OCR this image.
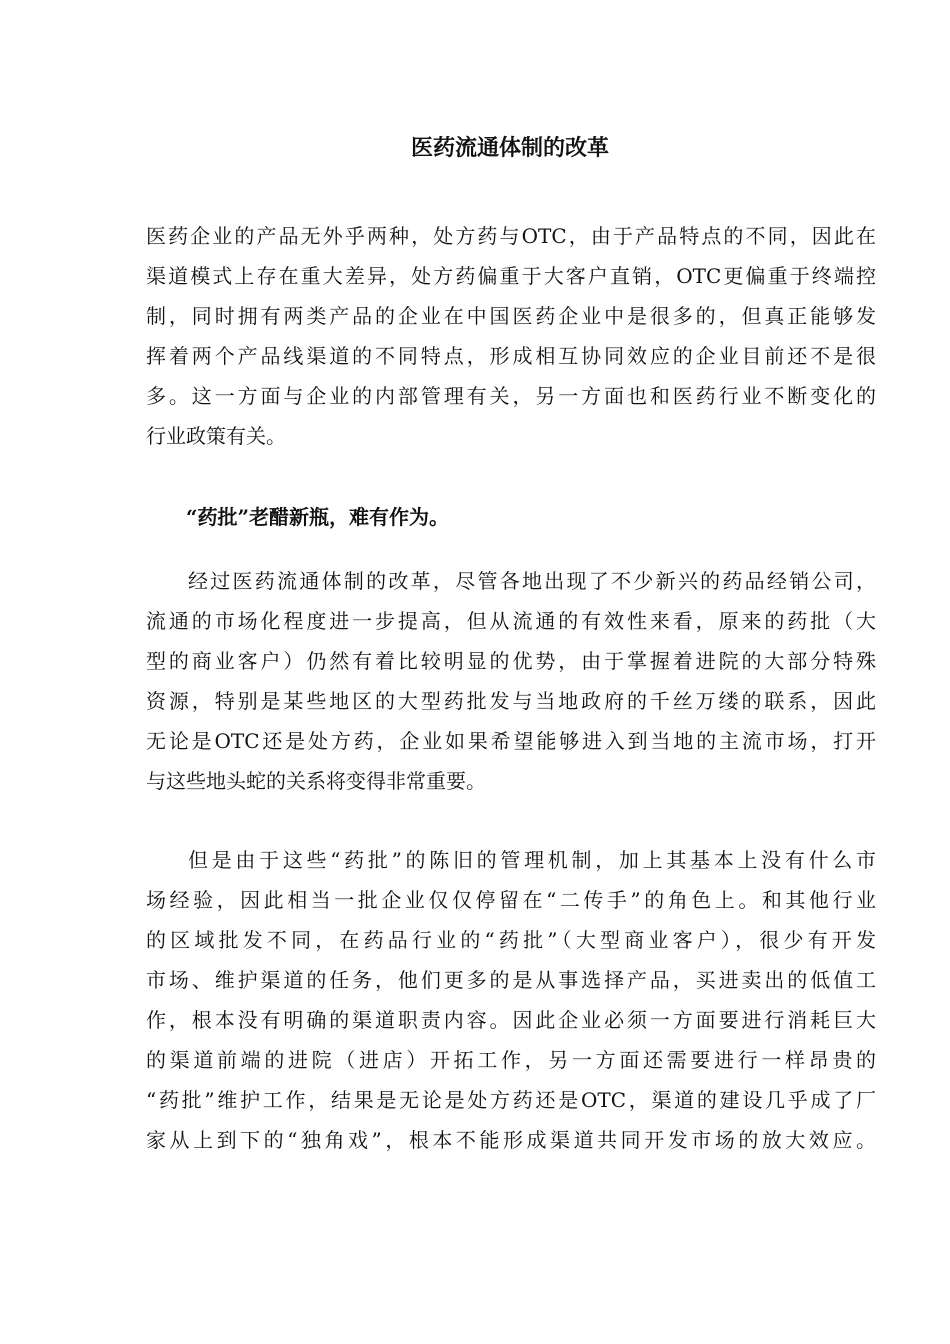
医药流通体制的改革
医药企业的产品无外乎两种，处方药与OTC，由于产品特点的不同，因此在
渠道模式上存在重大差异，处方药偏重于大客户直销，OTC更偏重于终端控
制，同时拥有两类产品的企业在中国医药企业中是很多的，但真正能够发
挥着两个产品线渠道的不同特点，形成相互协同效应的企业目前还不是很
多。这一方面与企业的内部管理有关，另一方面也和医药行业不断变化的
行业政策有关。
“药批”老醋新瓶，难有作为。
经过医药流通体制的改革，尽管各地出现了不少新兴的药品经销公司，
流通的市场化程度进一步提高，但从流通的有效性来看，原来的药批（大
型的商业客户）仍然有着比较明显的优势，由于掌握着进院的大部分特殊
资源，特别是某些地区的大型药批发与当地政府的千丝万缕的联系，因此
无论是OTC还是处方药，企业如果希望能够进入到当地的主流市场，打开
与这些地头蛇的关系将变得非常重要。
但是由于这些“药批”的陈旧的管理机制，加上其基本上没有什么市
场经验，因此相当一批企业仅仅停留在“二传手”的角色上。和其他行业
的区域批发不同，在药品行业的“药批”（大型商业客户），很少有开发
市场、维护渠道的任务，他们更多的是从事选择产品，买进卖出的低值工
作，根本没有明确的渠道职责内容。因此企业必须一方面要进行消耗巨大
的渠道前端的进院（进店）开拓工作，另一方面还需要进行一样昂贵的
“药批”维护工作，结果是无论是处方药还是OTC，渠道的建设几乎成了厂
家从上到下的“独角戏”，根本不能形成渠道共同开发市场的放大效应。
